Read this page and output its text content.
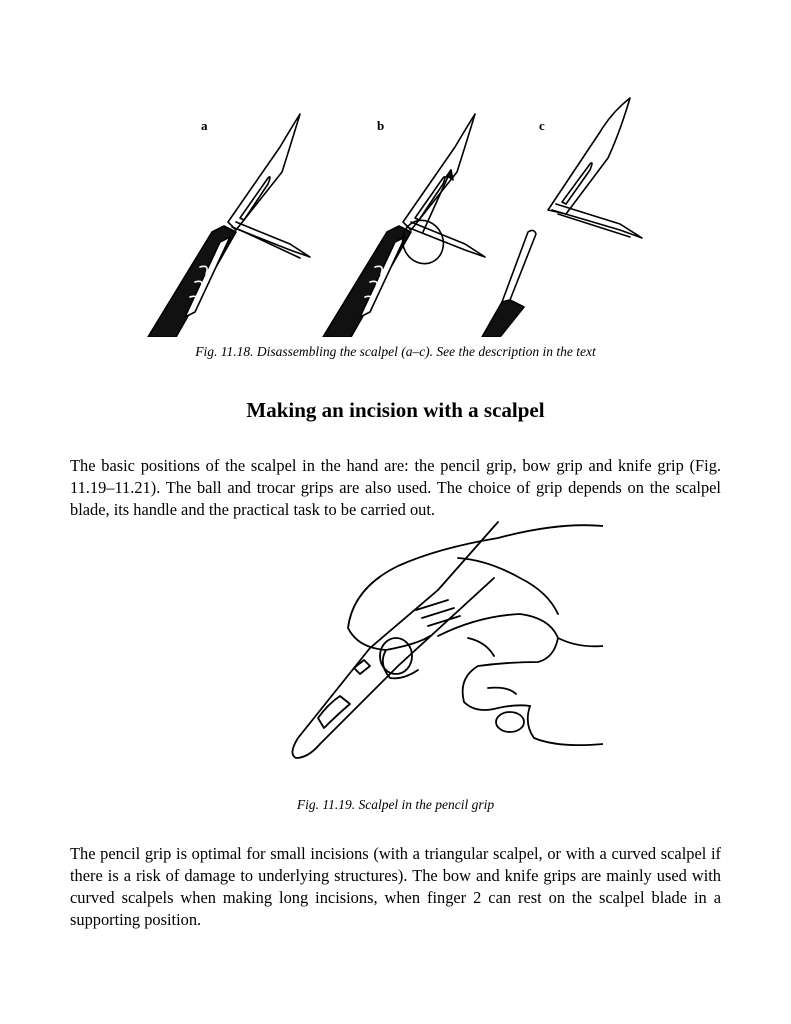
a	b	c
Fig. 11.18. Disassembling the scalpel (a–c). See the description in the text
Making an incision with a scalpel

The basic positions of the scalpel in the hand are: the pencil grip, bow grip and knife grip (Fig. 11.19–11.21). The ball and trocar grips are also used. The choice of grip depends on the scalpel blade, its handle and the practical task to be carried out.

Fig. 11.19. Scalpel in the pencil grip

The pencil grip is optimal for small incisions (with a triangular scalpel, or with a curved scalpel if there is a risk of damage to underlying structures). The bow and knife grips are mainly used with curved scalpels when making long incisions, when finger 2 can rest on the scalpel blade in a supporting position.
